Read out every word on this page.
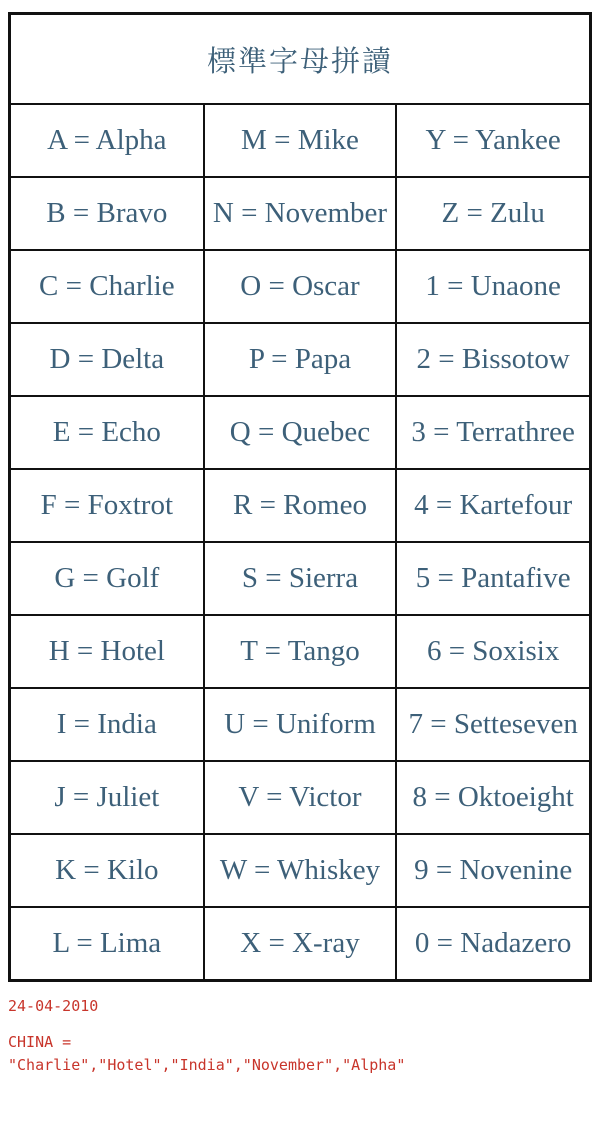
標準字母拼讀		
A = Alpha	M = Mike	Y = Yankee
B = Bravo	N = November	Z = Zulu
C = Charlie	O = Oscar	1 = Unaone
D = Delta	P = Papa	2 = Bissotow
E = Echo	Q = Quebec	3 = Terrathree
F = Foxtrot	R = Romeo	4 = Kartefour
G = Golf	S = Sierra	5 = Pantafive
H = Hotel	T = Tango	6 = Soxisix
I = India	U = Uniform	7 = Setteseven
J = Juliet	V = Victor	8 = Oktoeight
K = Kilo	W = Whiskey	9 = Novenine
L = Lima	X = X-ray	0 = Nadazero
24-04-2010
CHINA =
"Charlie","Hotel","India","November","Alpha"
